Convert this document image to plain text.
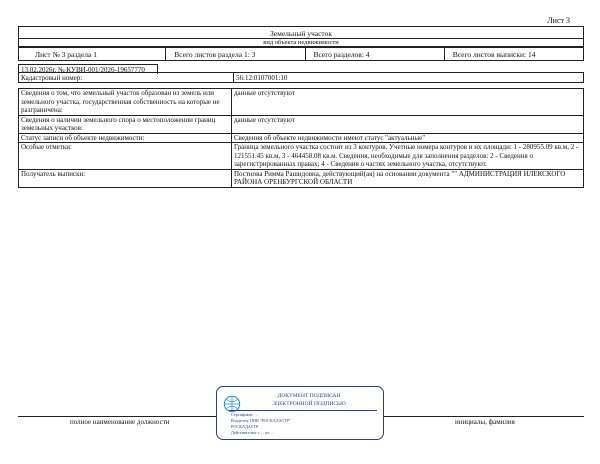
Лист 3
Земельный участок
вид объекта недвижимости
Лист № 3 раздела 1	Всего листов раздела 1: 3	Всего разделов: 4	Всего листов выписки: 14
13.02.2026г. № КУВИ-001/2026-19657770
Кадастровый номер:	56:12:0107001:10
Сведения о том, что земельный участок образован из земель или земельного участка, государственная собственность на которые не разграничена:	данные отсутствуют
Сведения о наличии земельного спора о местоположении границ земельных участков:	данные отсутствуют
Статус записи об объекте недвижимости:	Сведения об объекте недвижимости имеют статус "актуальные"
Особые отметки:	Граница земельного участка состоит из 3 контуров. Учетные номера контуров и их площади: 1 - 280955.09 кв.м, 2 - 121551.45 кв.м, 3 - 464458.08 кв.м. Сведения, необходимые для заполнения разделов: 2 - Сведения о зарегистрированных правах; 4 - Сведения о частях земельного участка, отсутствуют.
Получатель выписки:	Постнова Римма Рашидовна, действующий(ая) на основании документа "" АДМИНИСТРАЦИЯ ИЛЕКСКОГО РАЙОНА ОРЕНБУРГСКОЙ ОБЛАСТИ
полное наименование должности	инициалы, фамилия
ДОКУМЕНТ ПОДПИСАН
ЭЛЕКТРОННОЙ ПОДПИСЬЮ
Сертификат: ...
Владелец: ППК "РОСКАДАСТР"
РОСКАДАСТР
Действителен: с ... по ...
